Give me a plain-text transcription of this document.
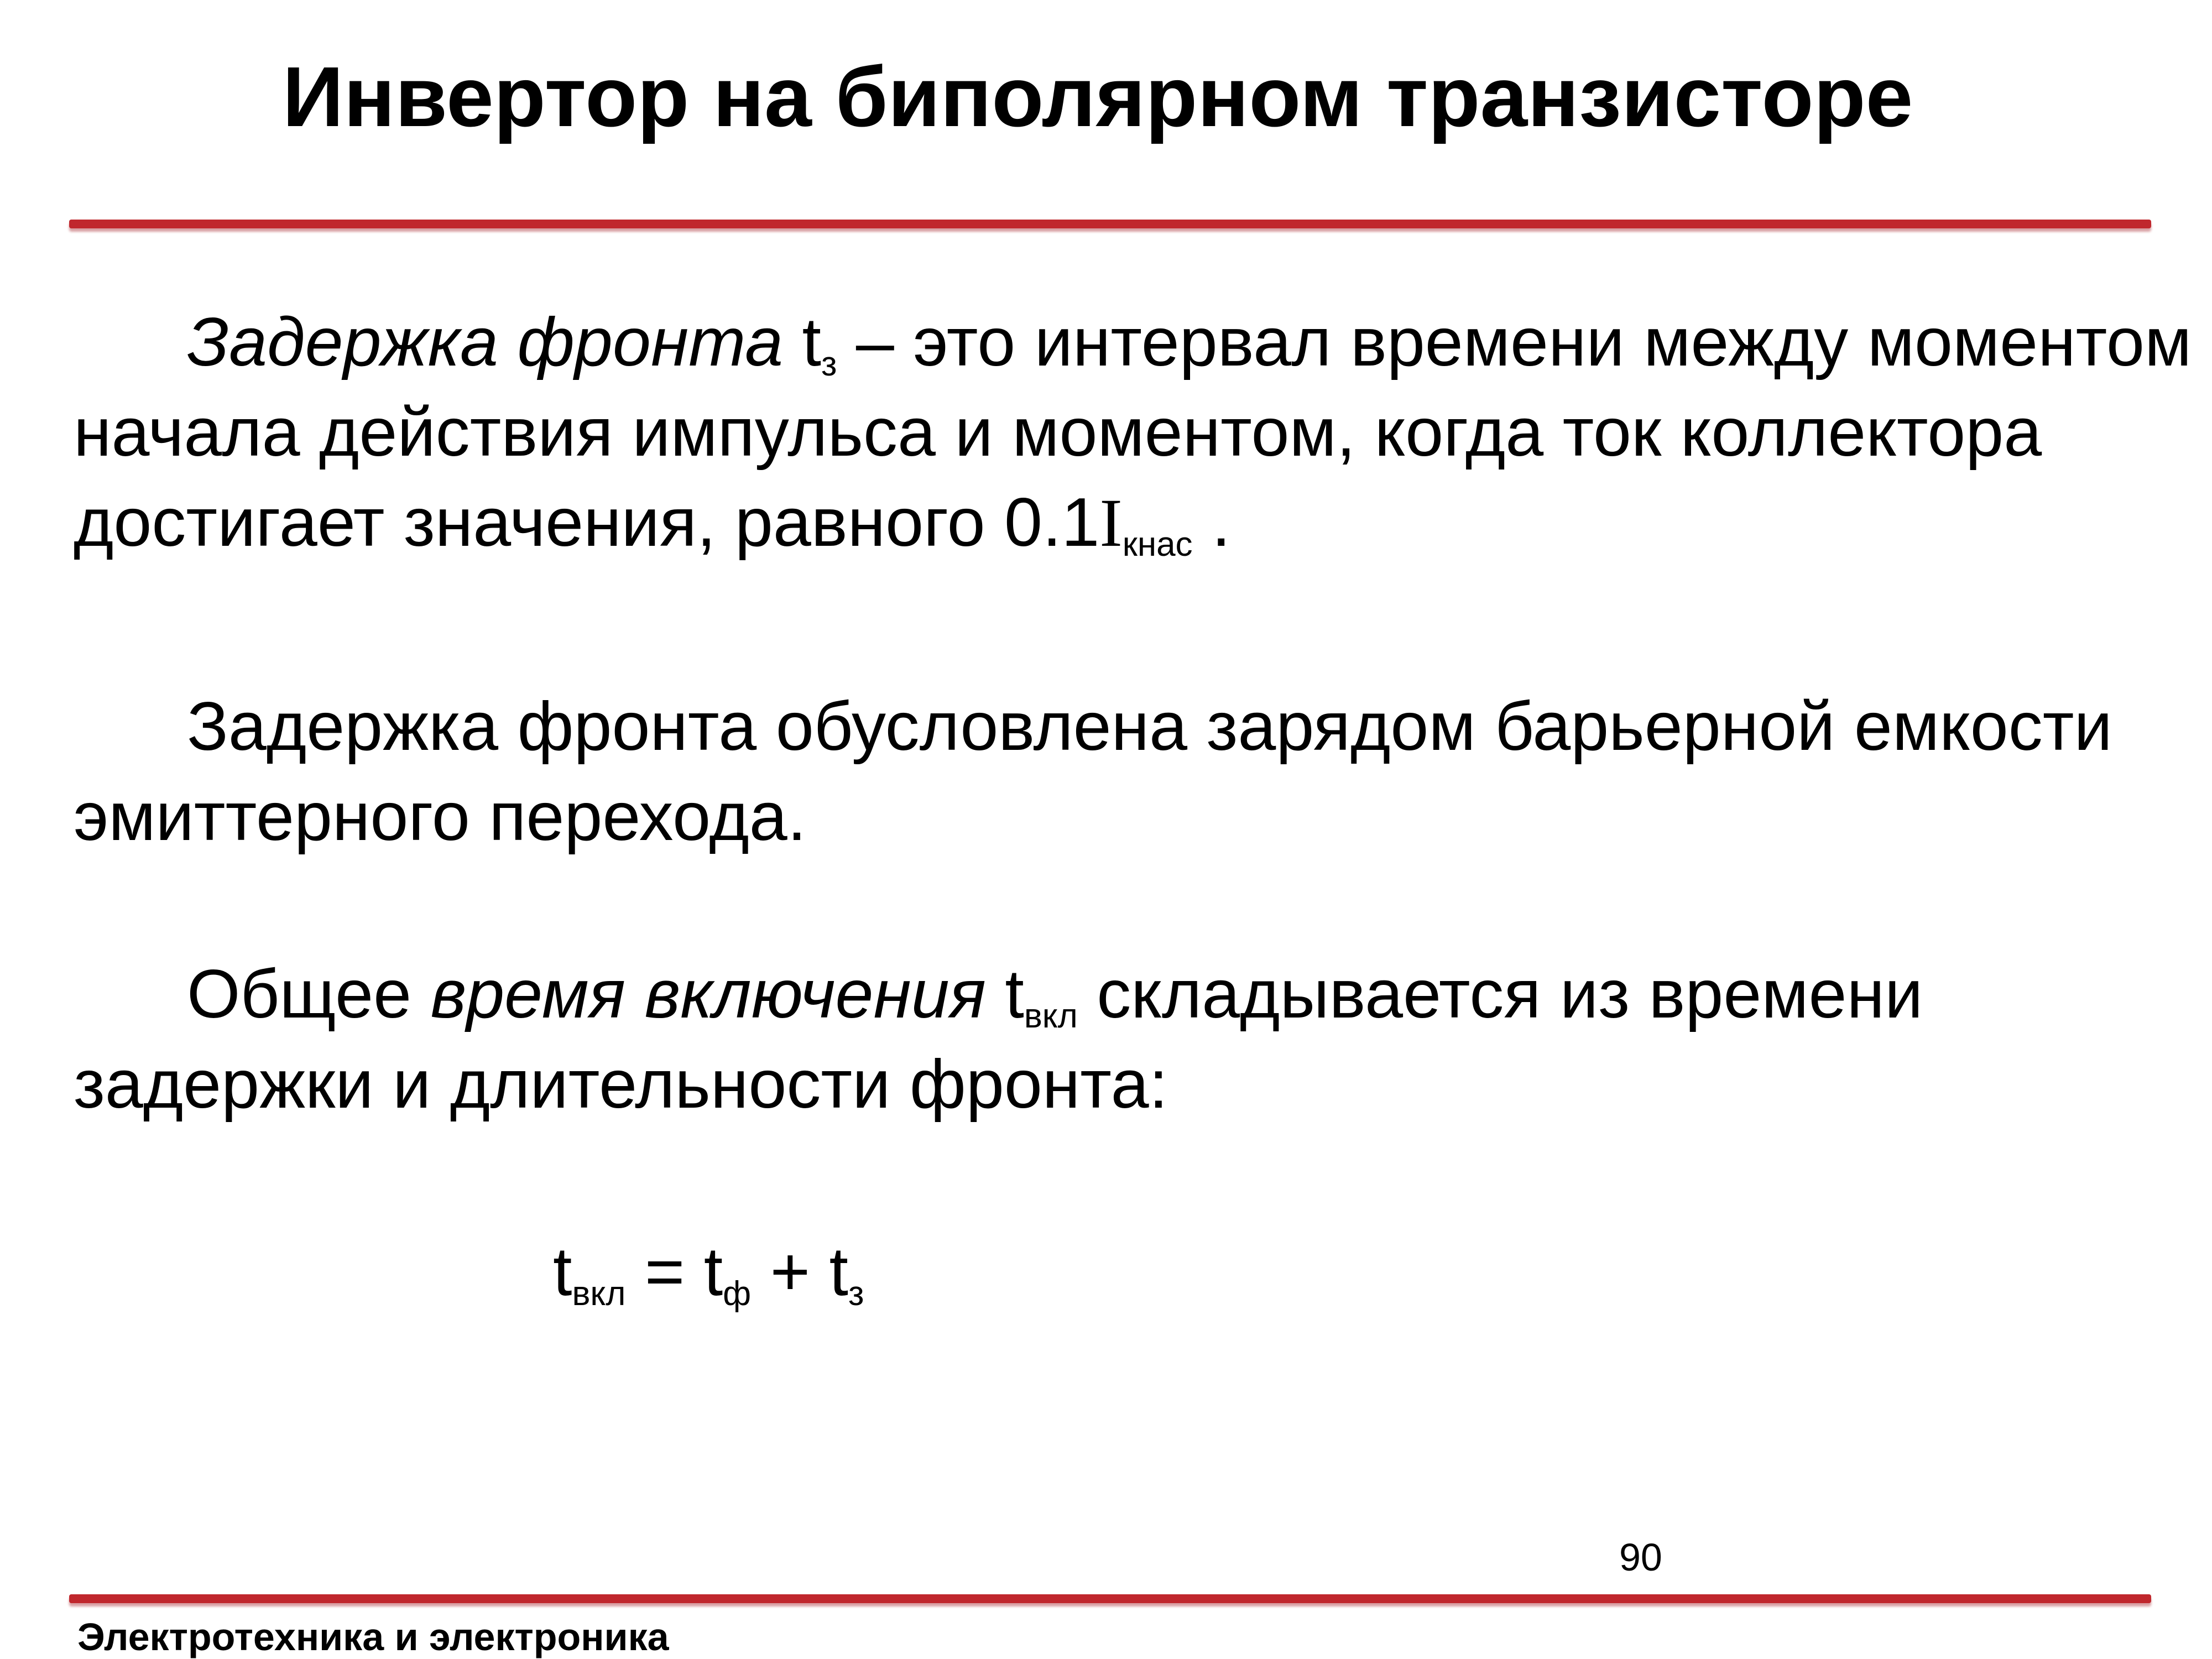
Инвертор на биполярном транзисторе

Задержка фронта $t_з$ – это интервал времени между моментом начала действия импульса и моментом, когда ток коллектора достигает значения, равного $0.1I_{кнас}$ .

Задержка фронта обусловлена зарядом барьерной емкости эмиттерного перехода.

Общее время включения $t_{вкл}$ складывается из времени задержки и длительности фронта:

$t_{вкл} = t_ф + t_з$
90
Электротехника и электроника
